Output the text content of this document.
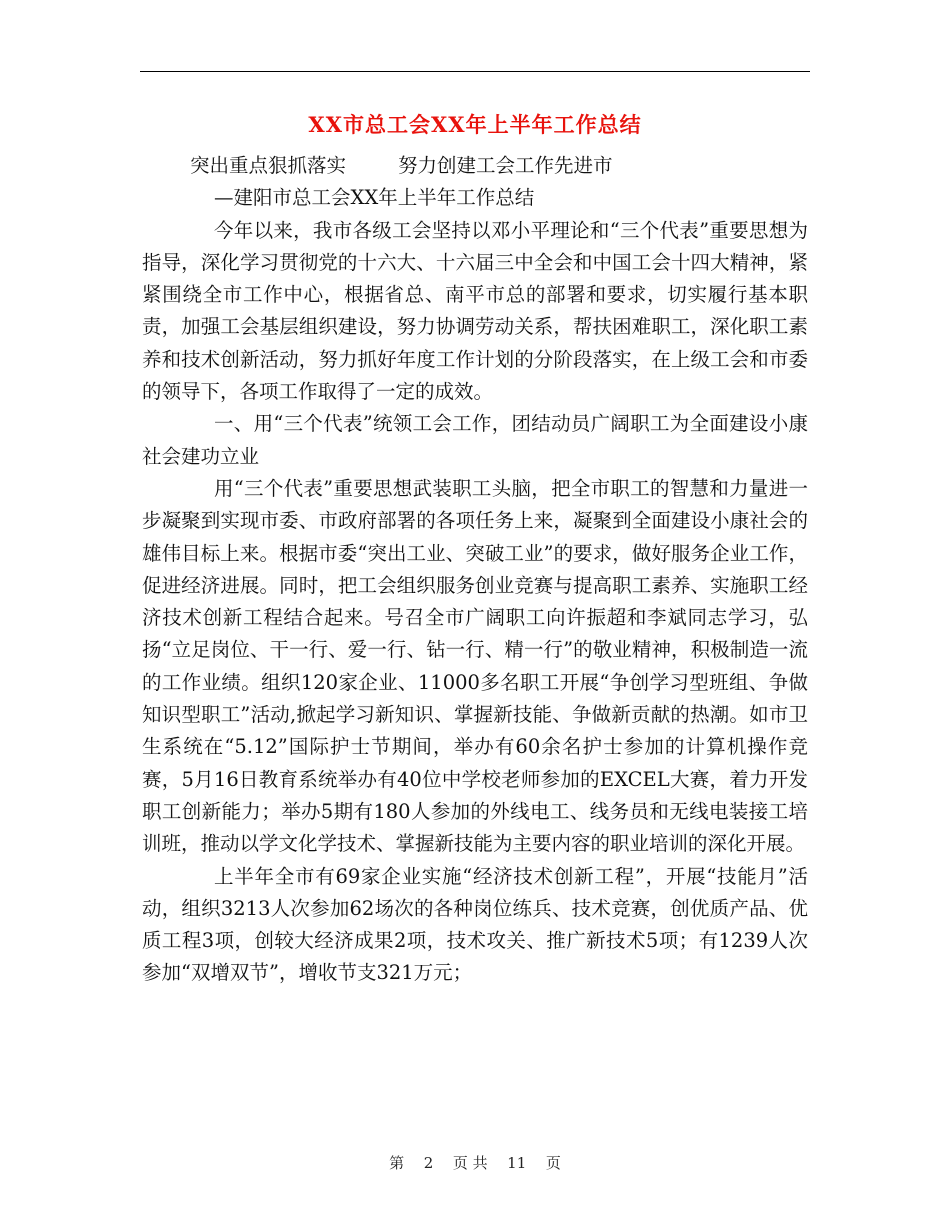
XX市总工会XX年上半年工作总结

突出重点狠抓落实	努力创建工会工作先进市

—建阳市总工会XX年上半年工作总结

今年以来，我市各级工会坚持以邓小平理论和“三个代表”重要思想为指导，深化学习贯彻党的十六大、十六届三中全会和中国工会十四大精神，紧紧围绕全市工作中心，根据省总、南平市总的部署和要求，切实履行基本职责，加强工会基层组织建设，努力协调劳动关系，帮扶困难职工，深化职工素养和技术创新活动，努力抓好年度工作计划的分阶段落实，在上级工会和市委的领导下，各项工作取得了一定的成效。

一、用“三个代表”统领工会工作，团结动员广阔职工为全面建设小康社会建功立业

用“三个代表”重要思想武装职工头脑，把全市职工的智慧和力量进一步凝聚到实现市委、市政府部署的各项任务上来，凝聚到全面建设小康社会的雄伟目标上来。根据市委“突出工业、突破工业”的要求，做好服务企业工作，促进经济进展。同时，把工会组织服务创业竞赛与提高职工素养、实施职工经济技术创新工程结合起来。号召全市广阔职工向许振超和李斌同志学习，弘扬“立足岗位、干一行、爱一行、钻一行、精一行”的敬业精神，积极制造一流的工作业绩。组织120家企业、11000多名职工开展“争创学习型班组、争做知识型职工”活动,掀起学习新知识、掌握新技能、争做新贡献的热潮。如市卫生系统在“5.12”国际护士节期间，举办有60余名护士参加的计算机操作竞赛，5月16日教育系统举办有40位中学校老师参加的EXCEL大赛，着力开发职工创新能力；举办5期有180人参加的外线电工、线务员和无线电装接工培训班，推动以学文化学技术、掌握新技能为主要内容的职业培训的深化开展。

上半年全市有69家企业实施“经济技术创新工程”，开展“技能月”活动，组织3213人次参加62场次的各种岗位练兵、技术竞赛，创优质产品、优质工程3项，创较大经济成果2项，技术攻关、推广新技术5项；有1239人次参加“双增双节”，增收节支321万元；

第 2 页 共 11 页
